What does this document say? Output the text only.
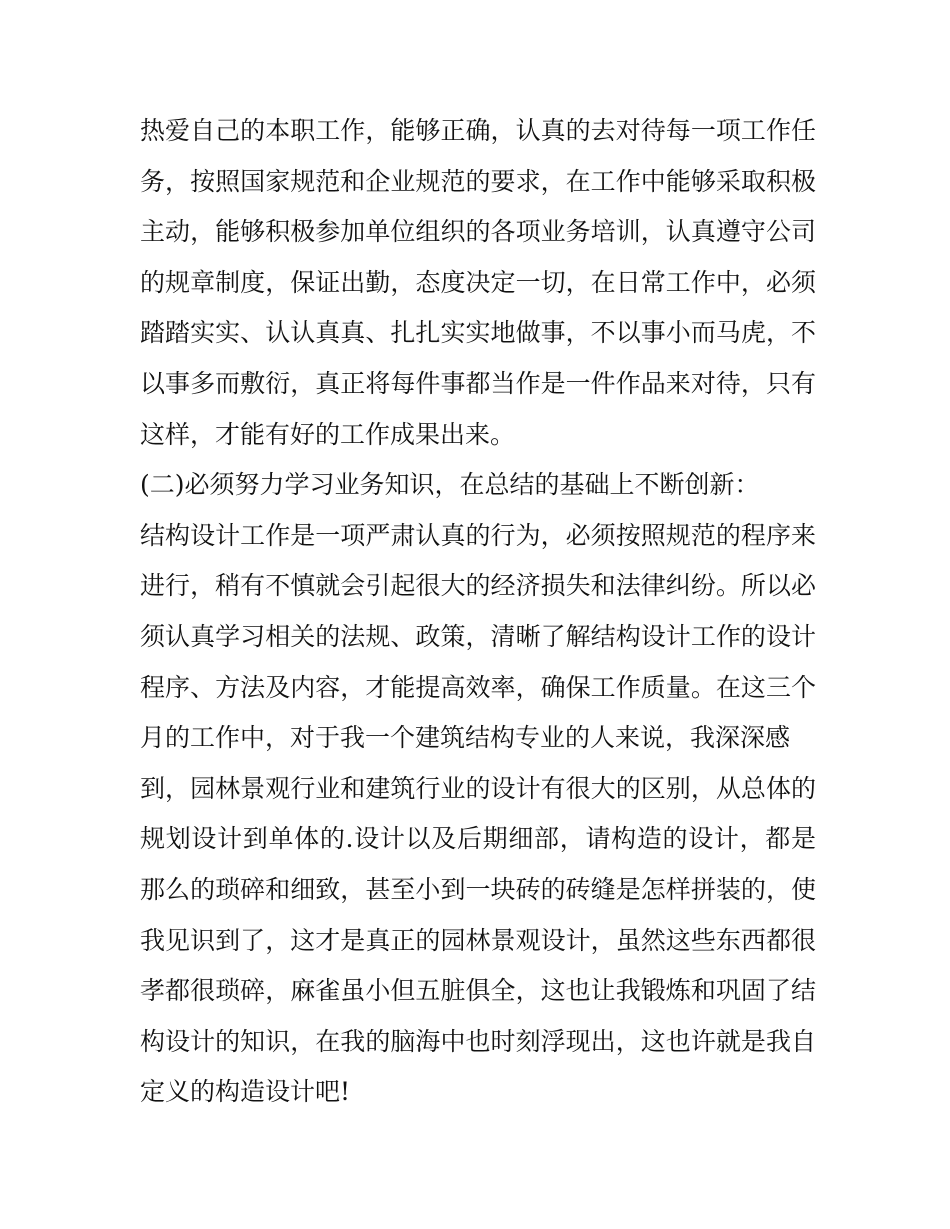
热爱自己的本职工作，能够正确，认真的去对待每一项工作任
务，按照国家规范和企业规范的要求，在工作中能够采取积极
主动，能够积极参加单位组织的各项业务培训，认真遵守公司
的规章制度，保证出勤，态度决定一切，在日常工作中，必须
踏踏实实、认认真真、扎扎实实地做事，不以事小而马虎，不
以事多而敷衍，真正将每件事都当作是一件作品来对待，只有
这样，才能有好的工作成果出来。
(二)必须努力学习业务知识，在总结的基础上不断创新：
结构设计工作是一项严肃认真的行为，必须按照规范的程序来
进行，稍有不慎就会引起很大的经济损失和法律纠纷。所以必
须认真学习相关的法规、政策，清晰了解结构设计工作的设计
程序、方法及内容，才能提高效率，确保工作质量。在这三个
月的工作中，对于我一个建筑结构专业的人来说，我深深感
到，园林景观行业和建筑行业的设计有很大的区别，从总体的
规划设计到单体的.设计以及后期细部，请构造的设计，都是
那么的琐碎和细致，甚至小到一块砖的砖缝是怎样拼装的，使
我见识到了，这才是真正的园林景观设计，虽然这些东西都很
孝都很琐碎，麻雀虽小但五脏俱全，这也让我锻炼和巩固了结
构设计的知识，在我的脑海中也时刻浮现出，这也许就是我自
定义的构造设计吧!
